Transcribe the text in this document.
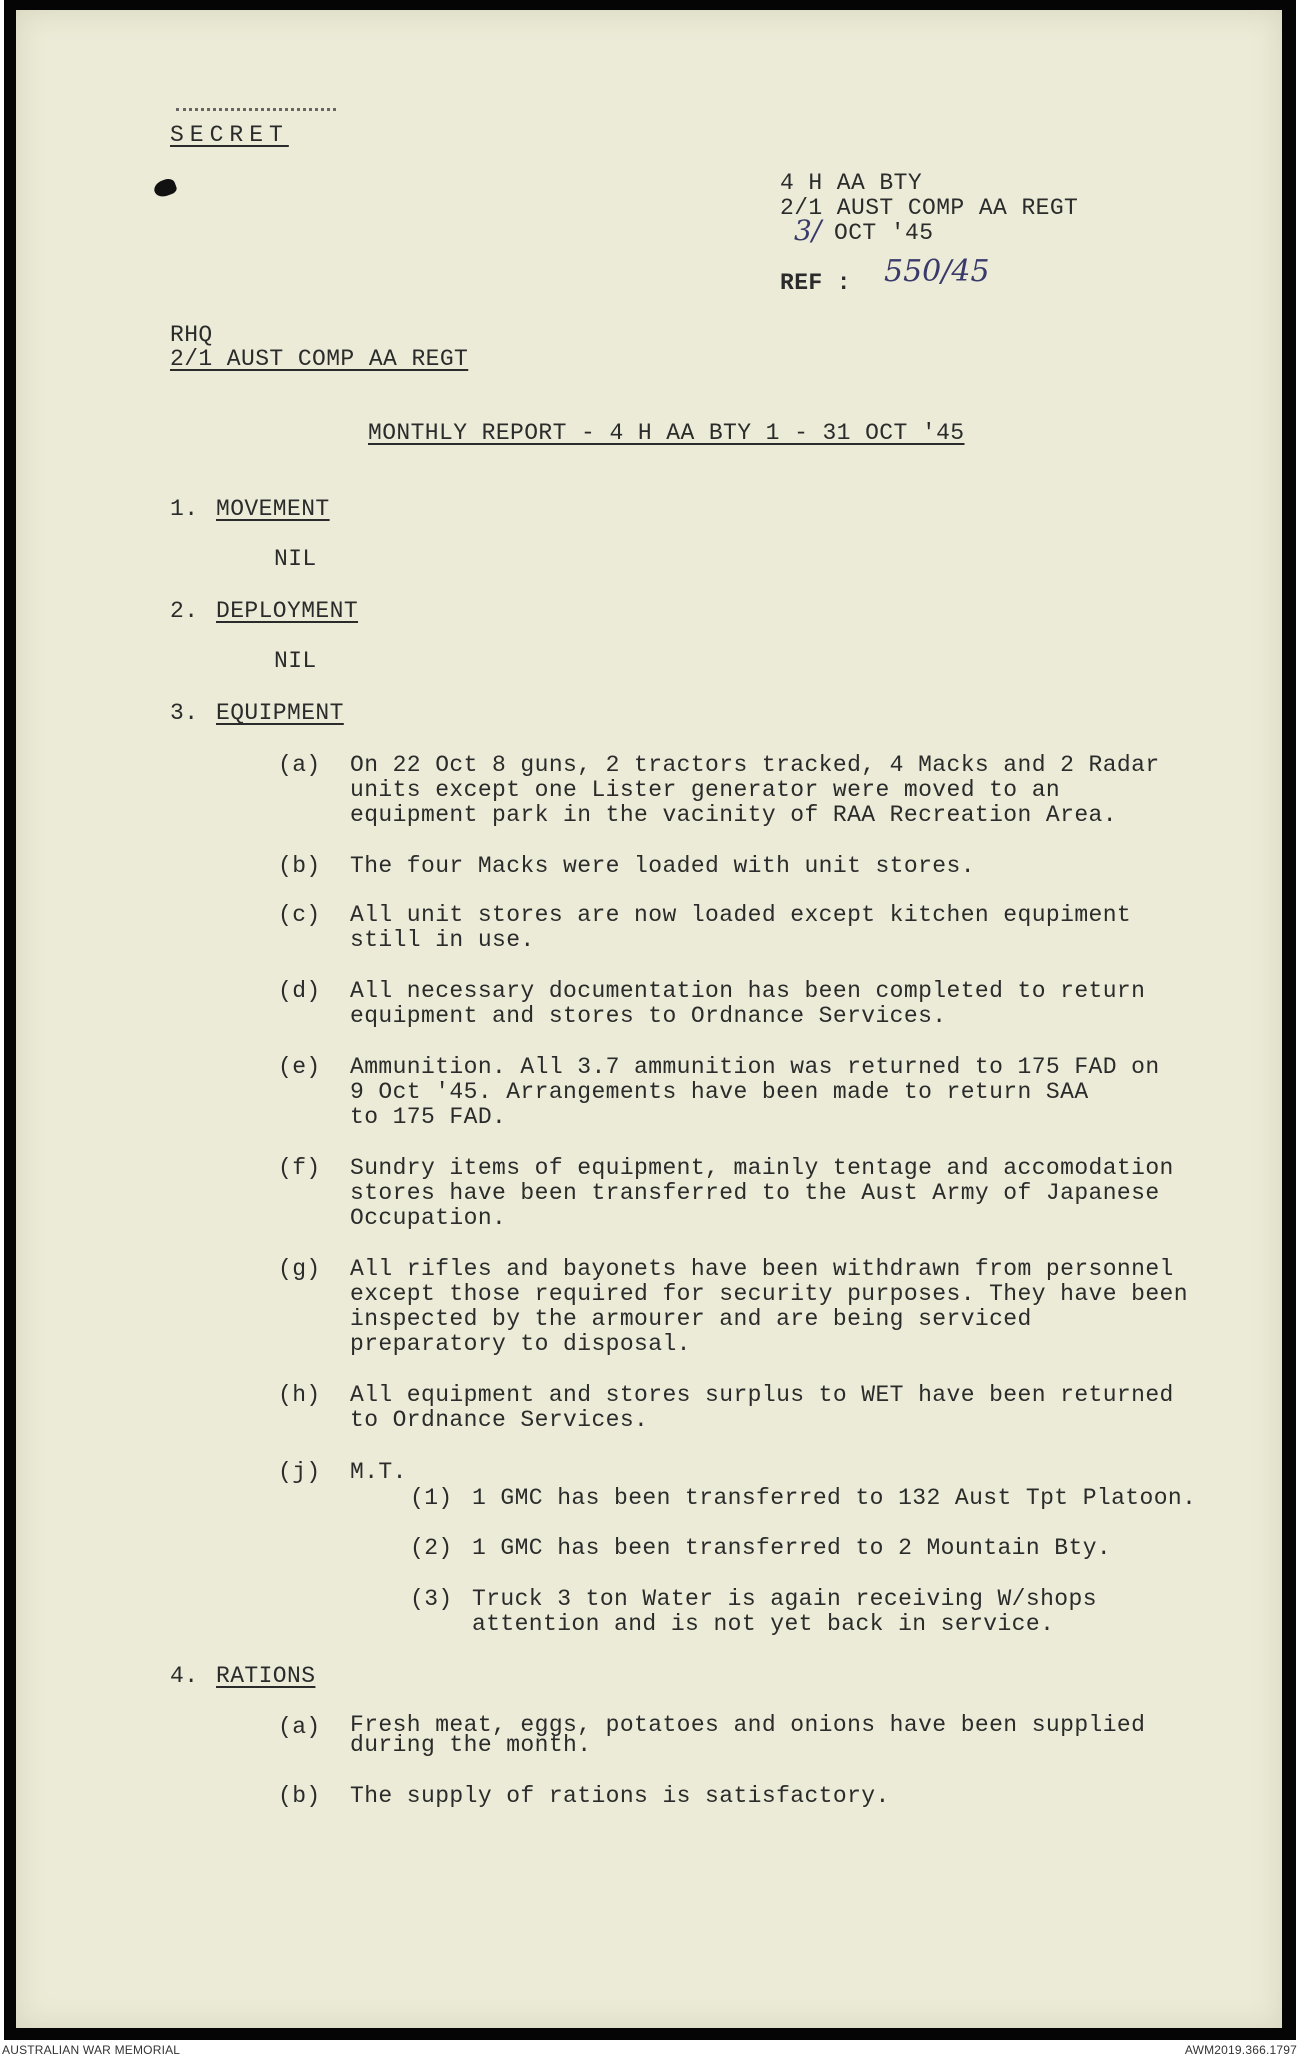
SECRET
4 H AA BTY
2/1 AUST COMP AA REGT
3/ OCT '45
REF : 550/45
RHQ
2/1 AUST COMP AA REGT
MONTHLY REPORT - 4 H AA BTY 1 - 31 OCT '45
1. MOVEMENT
NIL
2. DEPLOYMENT
NIL
3. EQUIPMENT
(a) On 22 Oct 8 guns, 2 tractors tracked, 4 Macks and 2 Radar
units except one Lister generator were moved to an
equipment park in the vacinity of RAA Recreation Area.
(b) The four Macks were loaded with unit stores.
(c) All unit stores are now loaded except kitchen equpiment
still in use.
(d) All necessary documentation has been completed to return
equipment and stores to Ordnance Services.
(e) Ammunition. All 3.7 ammunition was returned to 175 FAD on
9 Oct '45. Arrangements have been made to return SAA
to 175 FAD.
(f) Sundry items of equipment, mainly tentage and accomodation
stores have been transferred to the Aust Army of Japanese
Occupation.
(g) All rifles and bayonets have been withdrawn from personnel
except those required for security purposes. They have been
inspected by the armourer and are being serviced
preparatory to disposal.
(h) All equipment and stores surplus to WET have been returned
to Ordnance Services.
(j) M.T.
(1) 1 GMC has been transferred to 132 Aust Tpt Platoon.
(2) 1 GMC has been transferred to 2 Mountain Bty.
(3) Truck 3 ton Water is again receiving W/shops
attention and is not yet back in service.
4. RATIONS
(a) Fresh meat, eggs, potatoes and onions have been supplied
during the month.
(b) The supply of rations is satisfactory.
AUSTRALIAN WAR MEMORIAL	AWM2019.366.1797
